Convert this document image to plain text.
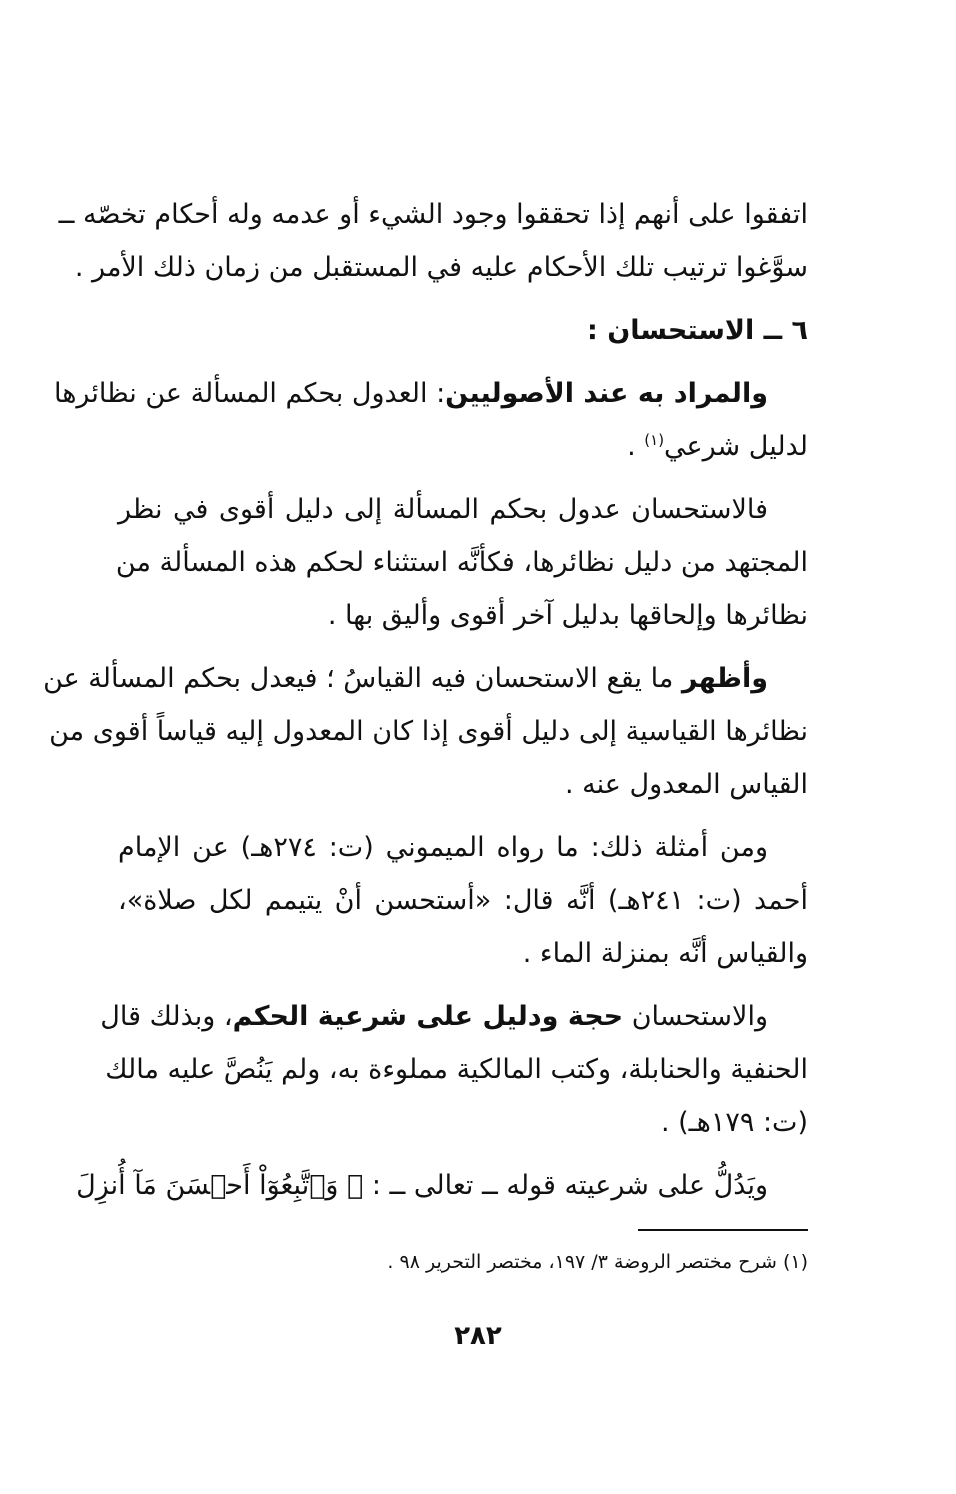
اتفقوا على أنهم إذا تحققوا وجود الشيء أو عدمه وله أحكام تخصّه ــ
سوَّغوا ترتيب تلك الأحكام عليه في المستقبل من زمان ذلك الأمر .
٦ ــ الاستحسان :
والمراد به عند الأصوليين: العدول بحكم المسألة عن نظائرها
لدليل شرعي$^{(١)}$ .
فالاستحسان عدول بحكم المسألة إلى دليل أقوى في نظر
المجتهد من دليل نظائرها، فكأنَّه استثناء لحكم هذه المسألة من
نظائرها وإلحاقها بدليل آخر أقوى وأليق بها .
وأظهر ما يقع الاستحسان فيه القياسُ ؛ فيعدل بحكم المسألة عن
نظائرها القياسية إلى دليل أقوى إذا كان المعدول إليه قياساً أقوى من
القياس المعدول عنه .
ومن أمثلة ذلك: ما رواه الميموني (ت: ٢٧٤هـ) عن الإمام
أحمد (ت: ٢٤١هـ) أنَّه قال: «أستحسن أنْ يتيمم لكل صلاة»،
والقياس أنَّه بمنزلة الماء .
والاستحسان حجة ودليل على شرعية الحكم، وبذلك قال
الحنفية والحنابلة، وكتب المالكية مملوءة به، ولم يَنُصَّ عليه مالك
(ت: ١٧٩هـ) .
ويَدُلُّ على شرعيته قوله ــ تعالى ــ : ﴿ وَٱتَّبِعُوٓاْ أَحۡسَنَ مَآ أُنزِلَ
(١) شرح مختصر الروضة ٣/ ١٩٧، مختصر التحرير ٩٨ .
٢٨٢
